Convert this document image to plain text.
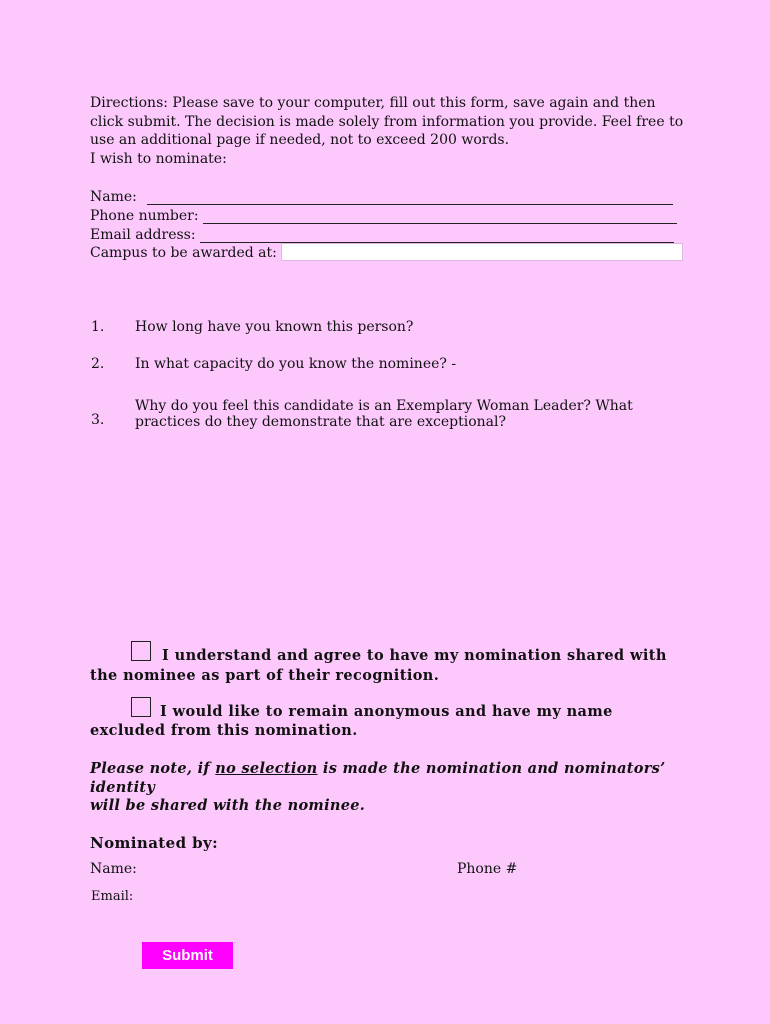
Directions: Please save to your computer, fill out this form, save again and then
click submit. The decision is made solely from information you provide. Feel free to
use an additional page if needed, not to exceed 200 words.
I wish to nominate:
Name:
Phone number:
Email address:
Campus to be awarded at:
1. How long have you known this person?
2. In what capacity do you know the nominee? -
3.
Why do you feel this candidate is an Exemplary Woman Leader? What
practices do they demonstrate that are exceptional?
I understand and agree to have my nomination shared with
the nominee as part of their recognition.
I would like to remain anonymous and have my name
excluded from this nomination.
Please note, if no selection is made the nomination and nominators’ identity
will be shared with the nominee.
Nominated by:
Name:	Phone #
Email:
Submit
